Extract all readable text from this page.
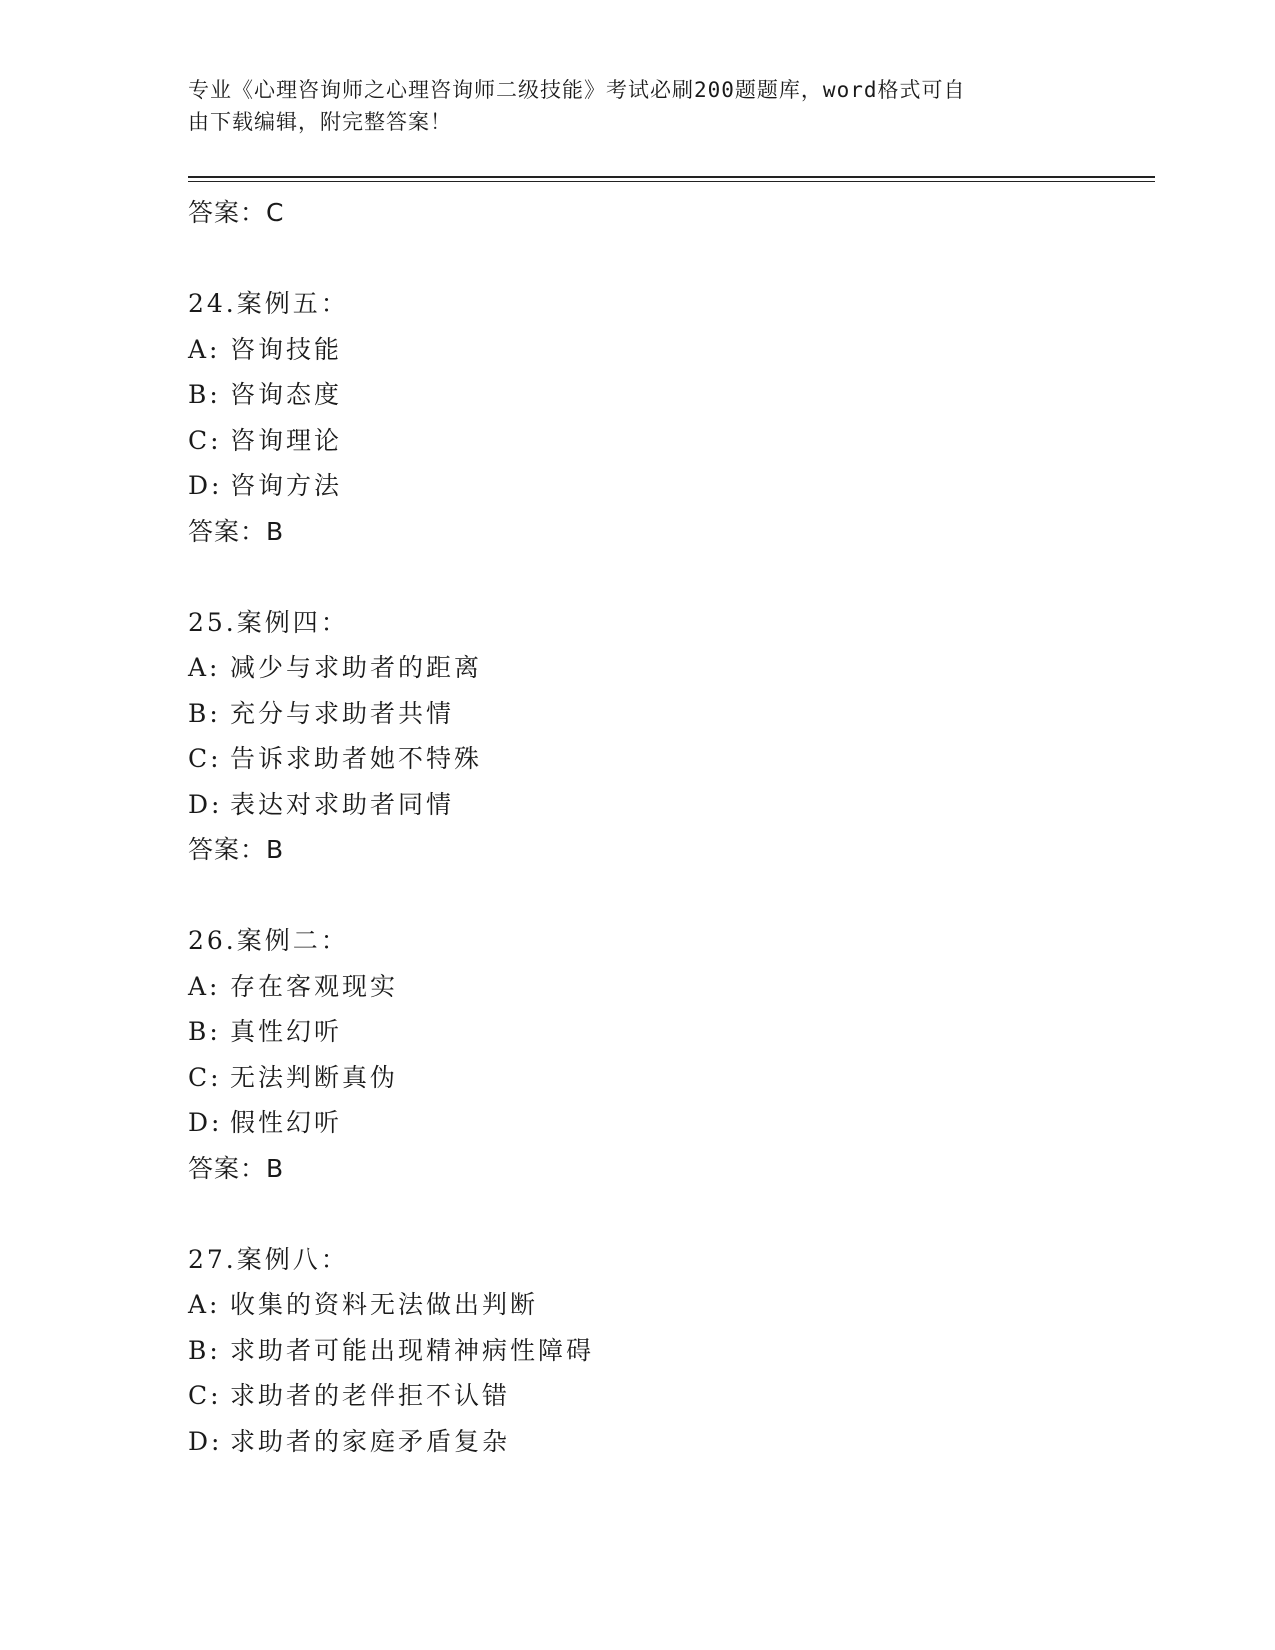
专业《心理咨询师之心理咨询师二级技能》考试必刷200题题库，word格式可自
由下载编辑，附完整答案！
答案：C
24.案例五：
A: 咨询技能
B: 咨询态度
C: 咨询理论
D: 咨询方法
答案：B
25.案例四：
A: 减少与求助者的距离
B: 充分与求助者共情
C: 告诉求助者她不特殊
D: 表达对求助者同情
答案：B
26.案例二：
A: 存在客观现实
B: 真性幻听
C: 无法判断真伪
D: 假性幻听
答案：B
27.案例八：
A: 收集的资料无法做出判断
B: 求助者可能出现精神病性障碍
C: 求助者的老伴拒不认错
D: 求助者的家庭矛盾复杂
